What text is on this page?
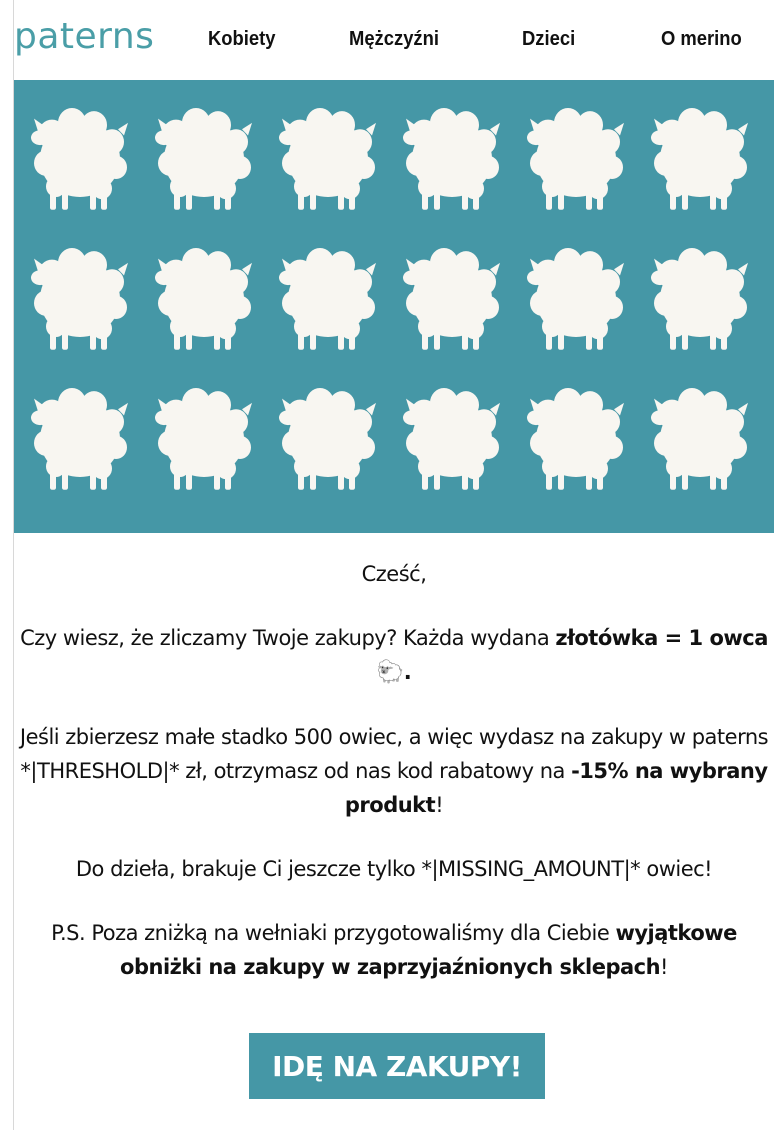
paterns	Kobiety	Mężczyźni	Dzieci	O merino

Cześć,

Czy wiesz, że zliczamy Twoje zakupy? Każda wydana złotówka = 1 owca
🐑.

Jeśli zbierzesz małe stadko 500 owiec, a więc wydasz na zakupy w paterns *|THRESHOLD|* zł, otrzymasz od nas kod rabatowy na -15% na wybrany produkt!

Do dzieła, brakuje Ci jeszcze tylko *|MISSING_AMOUNT|* owiec!

P.S. Poza zniżką na wełniaki przygotowaliśmy dla Ciebie wyjątkowe obniżki na zakupy w zaprzyjaźnionych sklepach!

IDĘ NA ZAKUPY!
